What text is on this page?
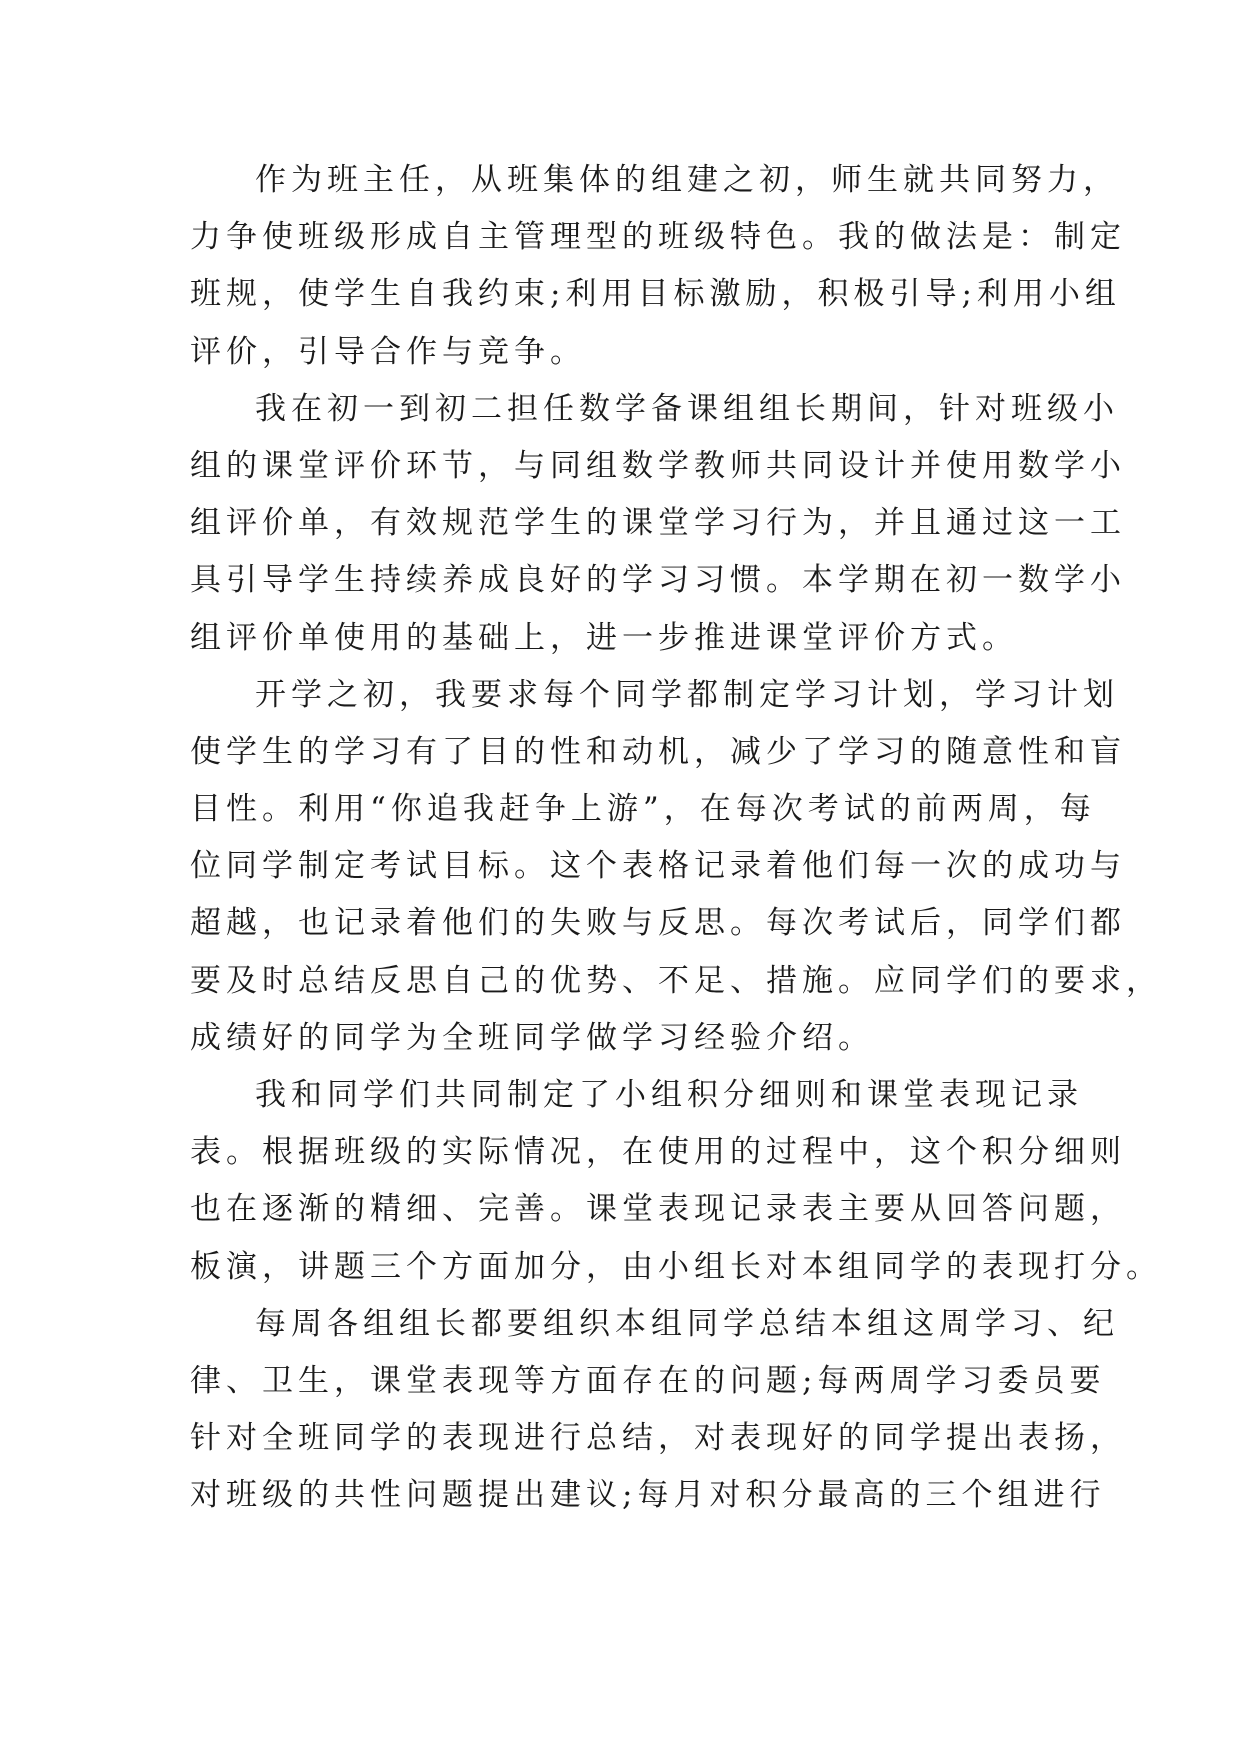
作为班主任，从班集体的组建之初，师生就共同努力，
力争使班级形成自主管理型的班级特色。我的做法是：制定
班规，使学生自我约束;利用目标激励，积极引导;利用小组
评价，引导合作与竞争。
我在初一到初二担任数学备课组组长期间，针对班级小
组的课堂评价环节，与同组数学教师共同设计并使用数学小
组评价单，有效规范学生的课堂学习行为，并且通过这一工
具引导学生持续养成良好的学习习惯。本学期在初一数学小
组评价单使用的基础上，进一步推进课堂评价方式。
开学之初，我要求每个同学都制定学习计划，学习计划
使学生的学习有了目的性和动机，减少了学习的随意性和盲
目性。利用“你追我赶争上游”，在每次考试的前两周，每
位同学制定考试目标。这个表格记录着他们每一次的成功与
超越，也记录着他们的失败与反思。每次考试后，同学们都
要及时总结反思自己的优势、不足、措施。应同学们的要求，
成绩好的同学为全班同学做学习经验介绍。
我和同学们共同制定了小组积分细则和课堂表现记录
表。根据班级的实际情况，在使用的过程中，这个积分细则
也在逐渐的精细、完善。课堂表现记录表主要从回答问题，
板演，讲题三个方面加分，由小组长对本组同学的表现打分。
每周各组组长都要组织本组同学总结本组这周学习、纪
律、卫生，课堂表现等方面存在的问题;每两周学习委员要
针对全班同学的表现进行总结，对表现好的同学提出表扬，
对班级的共性问题提出建议;每月对积分最高的三个组进行
